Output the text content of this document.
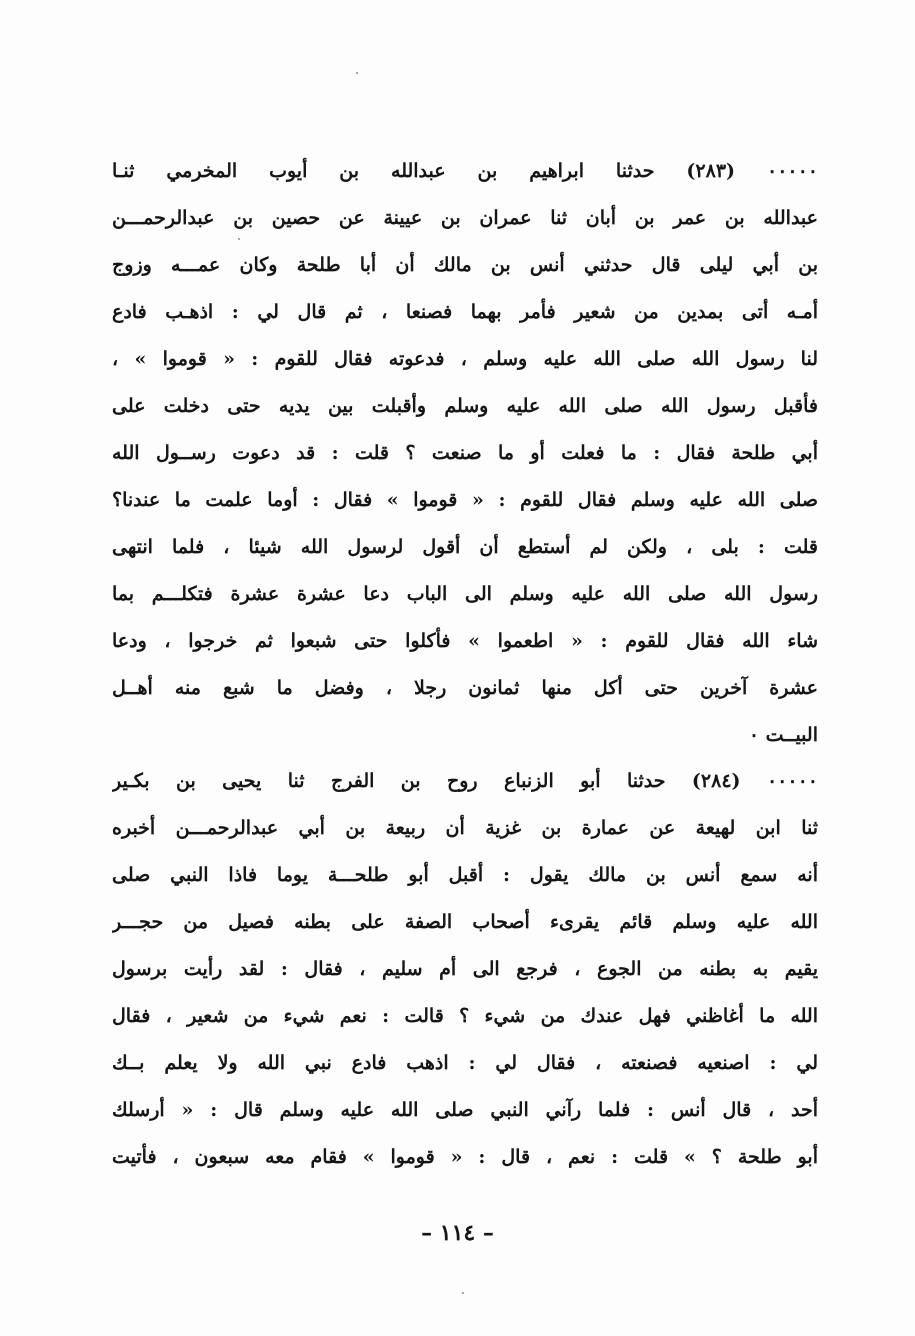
٠٠٠٠٠ (٢٨٣) حدثنا ابراهيم بن عبدالله بن أيوب المخرمي ثنـا
عبدالله بن عمر بن أبان ثنا عمران بن عيينة عن حصين بن عبدالرحمـــن
بن أبي ليلى قال حدثني أنس بن مالك أن أبا طلحة وكان عمـــه وزوج
أمـه أتى بمدين من شعير فأمر بهما فصنعا ، ثم قال لي : اذهـب فادع
لنا رسول الله صلى الله عليه وسلم ، فدعوته فقال للقوم : « قوموا » ،
فأقبل رسول الله صلى الله عليه وسلم وأقبلت بين يديه حتى دخلت على
أبي طلحة فقال : ما فعلت أو ما صنعت ؟ قلت : قد دعوت رســول الله
صلى الله عليه وسلم فقال للقوم : « قوموا » فقال : أوما علمت ما عندنا؟
قلت : بلى ، ولكن لم أستطع أن أقول لرسول الله شيئا ، فلما انتهى
رسول الله صلى الله عليه وسلم الى الباب دعا عشرة عشرة فتكلـــم بما
شاء الله فقال للقوم : « اطعموا » فأكلوا حتى شبعوا ثم خرجوا ، ودعا
عشرة آخرين حتى أكل منها ثمانون رجلا ، وفضل ما شبع منه أهــل
البيــت ٠
٠٠٠٠٠ (٢٨٤) حدثنا أبو الزنباع روح بن الفرج ثنا يحيى بن بكـير
ثنا ابن لهيعة عن عمارة بن غزية أن ربيعة بن أبي عبدالرحمـــن أخبره
أنه سمع أنس بن مالك يقول : أقبل أبو طلحـــة يوما فاذا النبي صلى
الله عليه وسلم قائم يقرىء أصحاب الصفة على بطنه فصيل من حجـــر
يقيم به بطنه من الجوع ، فرجع الى أم سليم ، فقال : لقد رأيت برسول
الله ما أغاظني فهل عندك من شيء ؟ قالت : نعم شيء من شعير ، فقال
لي : اصنعيه فصنعته ، فقال لي : اذهب فادع نبي الله ولا يعلم بــك
أحد ، قال أنس : فلما رآني النبي صلى الله عليه وسلم قال : « أرسلك
أبو طلحة ؟ » قلت : نعم ، قال : « قوموا » فقام معه سبعون ، فأتيت
– ١١٤ –
